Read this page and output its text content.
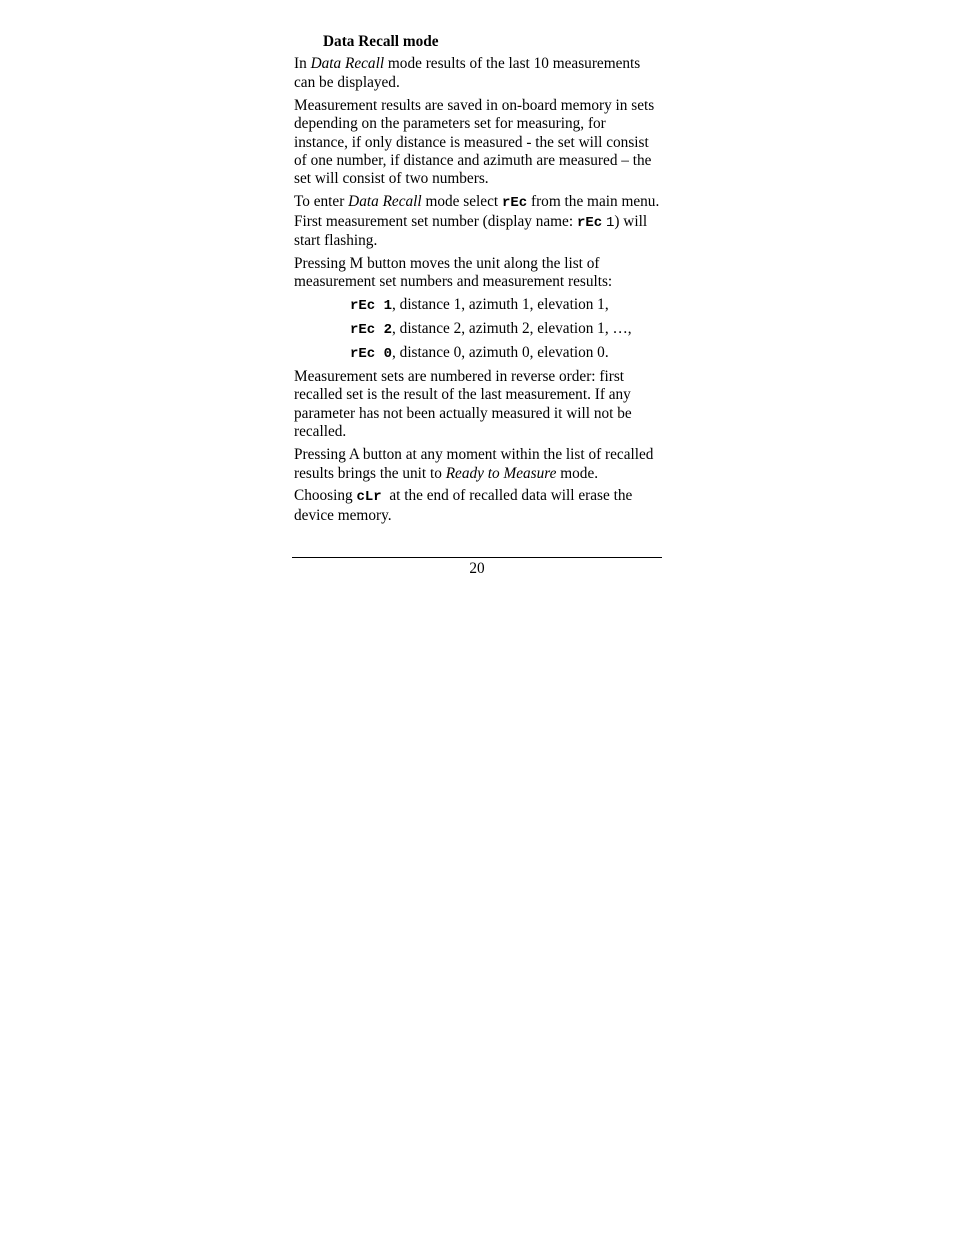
Data Recall mode

In Data Recall mode results of the last 10 measurements can be displayed.

Measurement results are saved in on-board memory in sets depending on the parameters set for measuring, for instance, if only distance is measured - the set will consist of one number, if distance and azimuth are measured – the set will consist of two numbers.

To enter Data Recall mode select rEc from the main menu. First measurement set number (display name: rEc 1) will start flashing.

Pressing M button moves the unit along the list of measurement set numbers and measurement results:

rEc 1, distance 1, azimuth 1, elevation 1,
rEc 2, distance 2, azimuth 2, elevation 1, …,
rEc 0, distance 0, azimuth 0, elevation 0.

Measurement sets are numbered in reverse order: first recalled set is the result of the last measurement. If any parameter has not been actually measured it will not be recalled.

Pressing A button at any moment within the list of recalled results brings the unit to Ready to Measure mode.

Choosing cLr  at the end of recalled data will erase the device memory.

20
